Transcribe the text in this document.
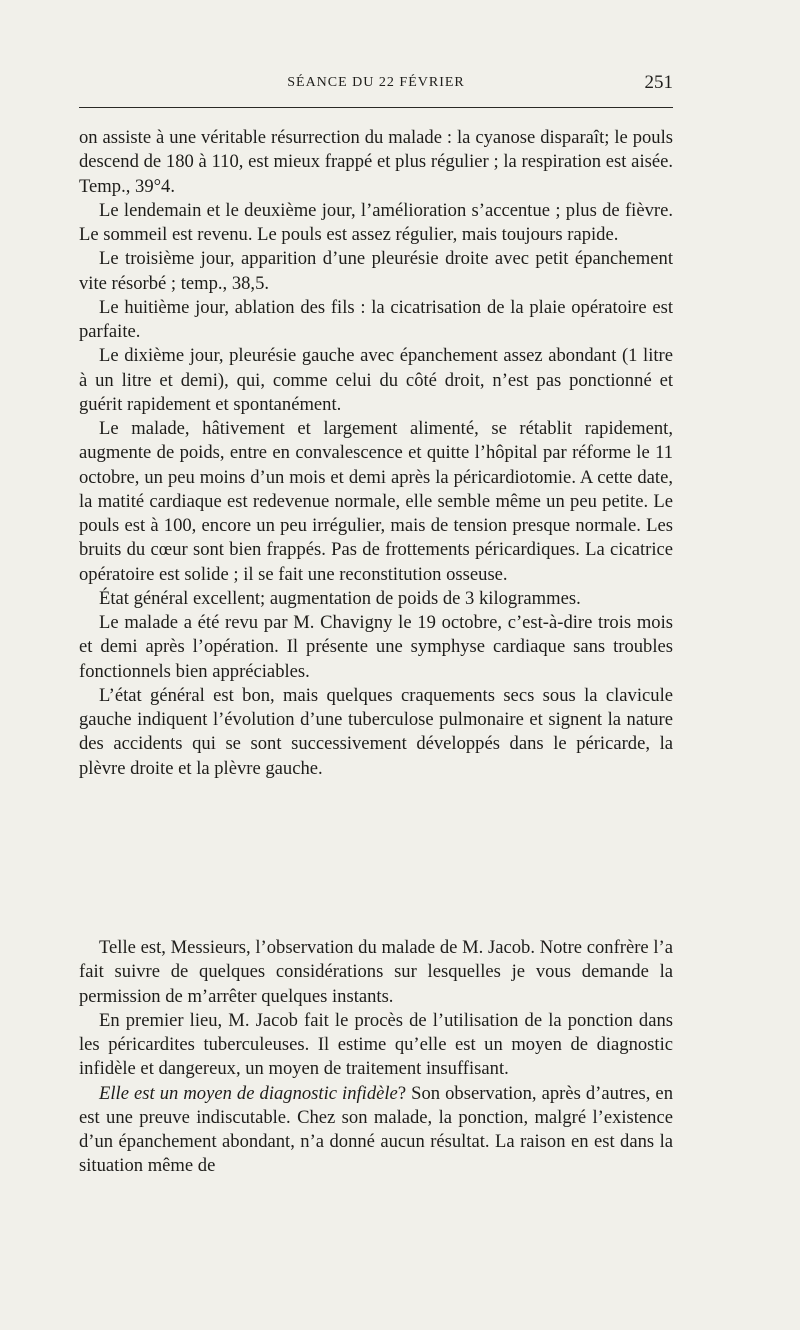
SÉANCE DU 22 FÉVRIER	251

on assiste à une véritable résurrection du malade : la cyanose disparaît; le pouls descend de 180 à 110, est mieux frappé et plus régulier ; la respiration est aisée. Temp., 39°4.

Le lendemain et le deuxième jour, l’amélioration s’accentue ; plus de fièvre. Le sommeil est revenu. Le pouls est assez régulier, mais toujours rapide.

Le troisième jour, apparition d’une pleurésie droite avec petit épanchement vite résorbé ; temp., 38,5.

Le huitième jour, ablation des fils : la cicatrisation de la plaie opératoire est parfaite.

Le dixième jour, pleurésie gauche avec épanchement assez abondant (1 litre à un litre et demi), qui, comme celui du côté droit, n’est pas ponctionné et guérit rapidement et spontanément.

Le malade, hâtivement et largement alimenté, se rétablit rapidement, augmente de poids, entre en convalescence et quitte l’hôpital par réforme le 11 octobre, un peu moins d’un mois et demi après la péricardiotomie. A cette date, la matité cardiaque est redevenue normale, elle semble même un peu petite. Le pouls est à 100, encore un peu irrégulier, mais de tension presque normale. Les bruits du cœur sont bien frappés. Pas de frottements péricardiques. La cicatrice opératoire est solide ; il se fait une reconstitution osseuse.

État général excellent; augmentation de poids de 3 kilogrammes.

Le malade a été revu par M. Chavigny le 19 octobre, c’est-à-dire trois mois et demi après l’opération. Il présente une symphyse cardiaque sans troubles fonctionnels bien appréciables.

L’état général est bon, mais quelques craquements secs sous la clavicule gauche indiquent l’évolution d’une tuberculose pulmonaire et signent la nature des accidents qui se sont successivement développés dans le péricarde, la plèvre droite et la plèvre gauche.

Telle est, Messieurs, l’observation du malade de M. Jacob. Notre confrère l’a fait suivre de quelques considérations sur lesquelles je vous demande la permission de m’arrêter quelques instants.

En premier lieu, M. Jacob fait le procès de l’utilisation de la ponction dans les péricardites tuberculeuses. Il estime qu’elle est un moyen de diagnostic infidèle et dangereux, un moyen de traitement insuffisant.

Elle est un moyen de diagnostic infidèle? Son observation, après d’autres, en est une preuve indiscutable. Chez son malade, la ponction, malgré l’existence d’un épanchement abondant, n’a donné aucun résultat. La raison en est dans la situation même de
